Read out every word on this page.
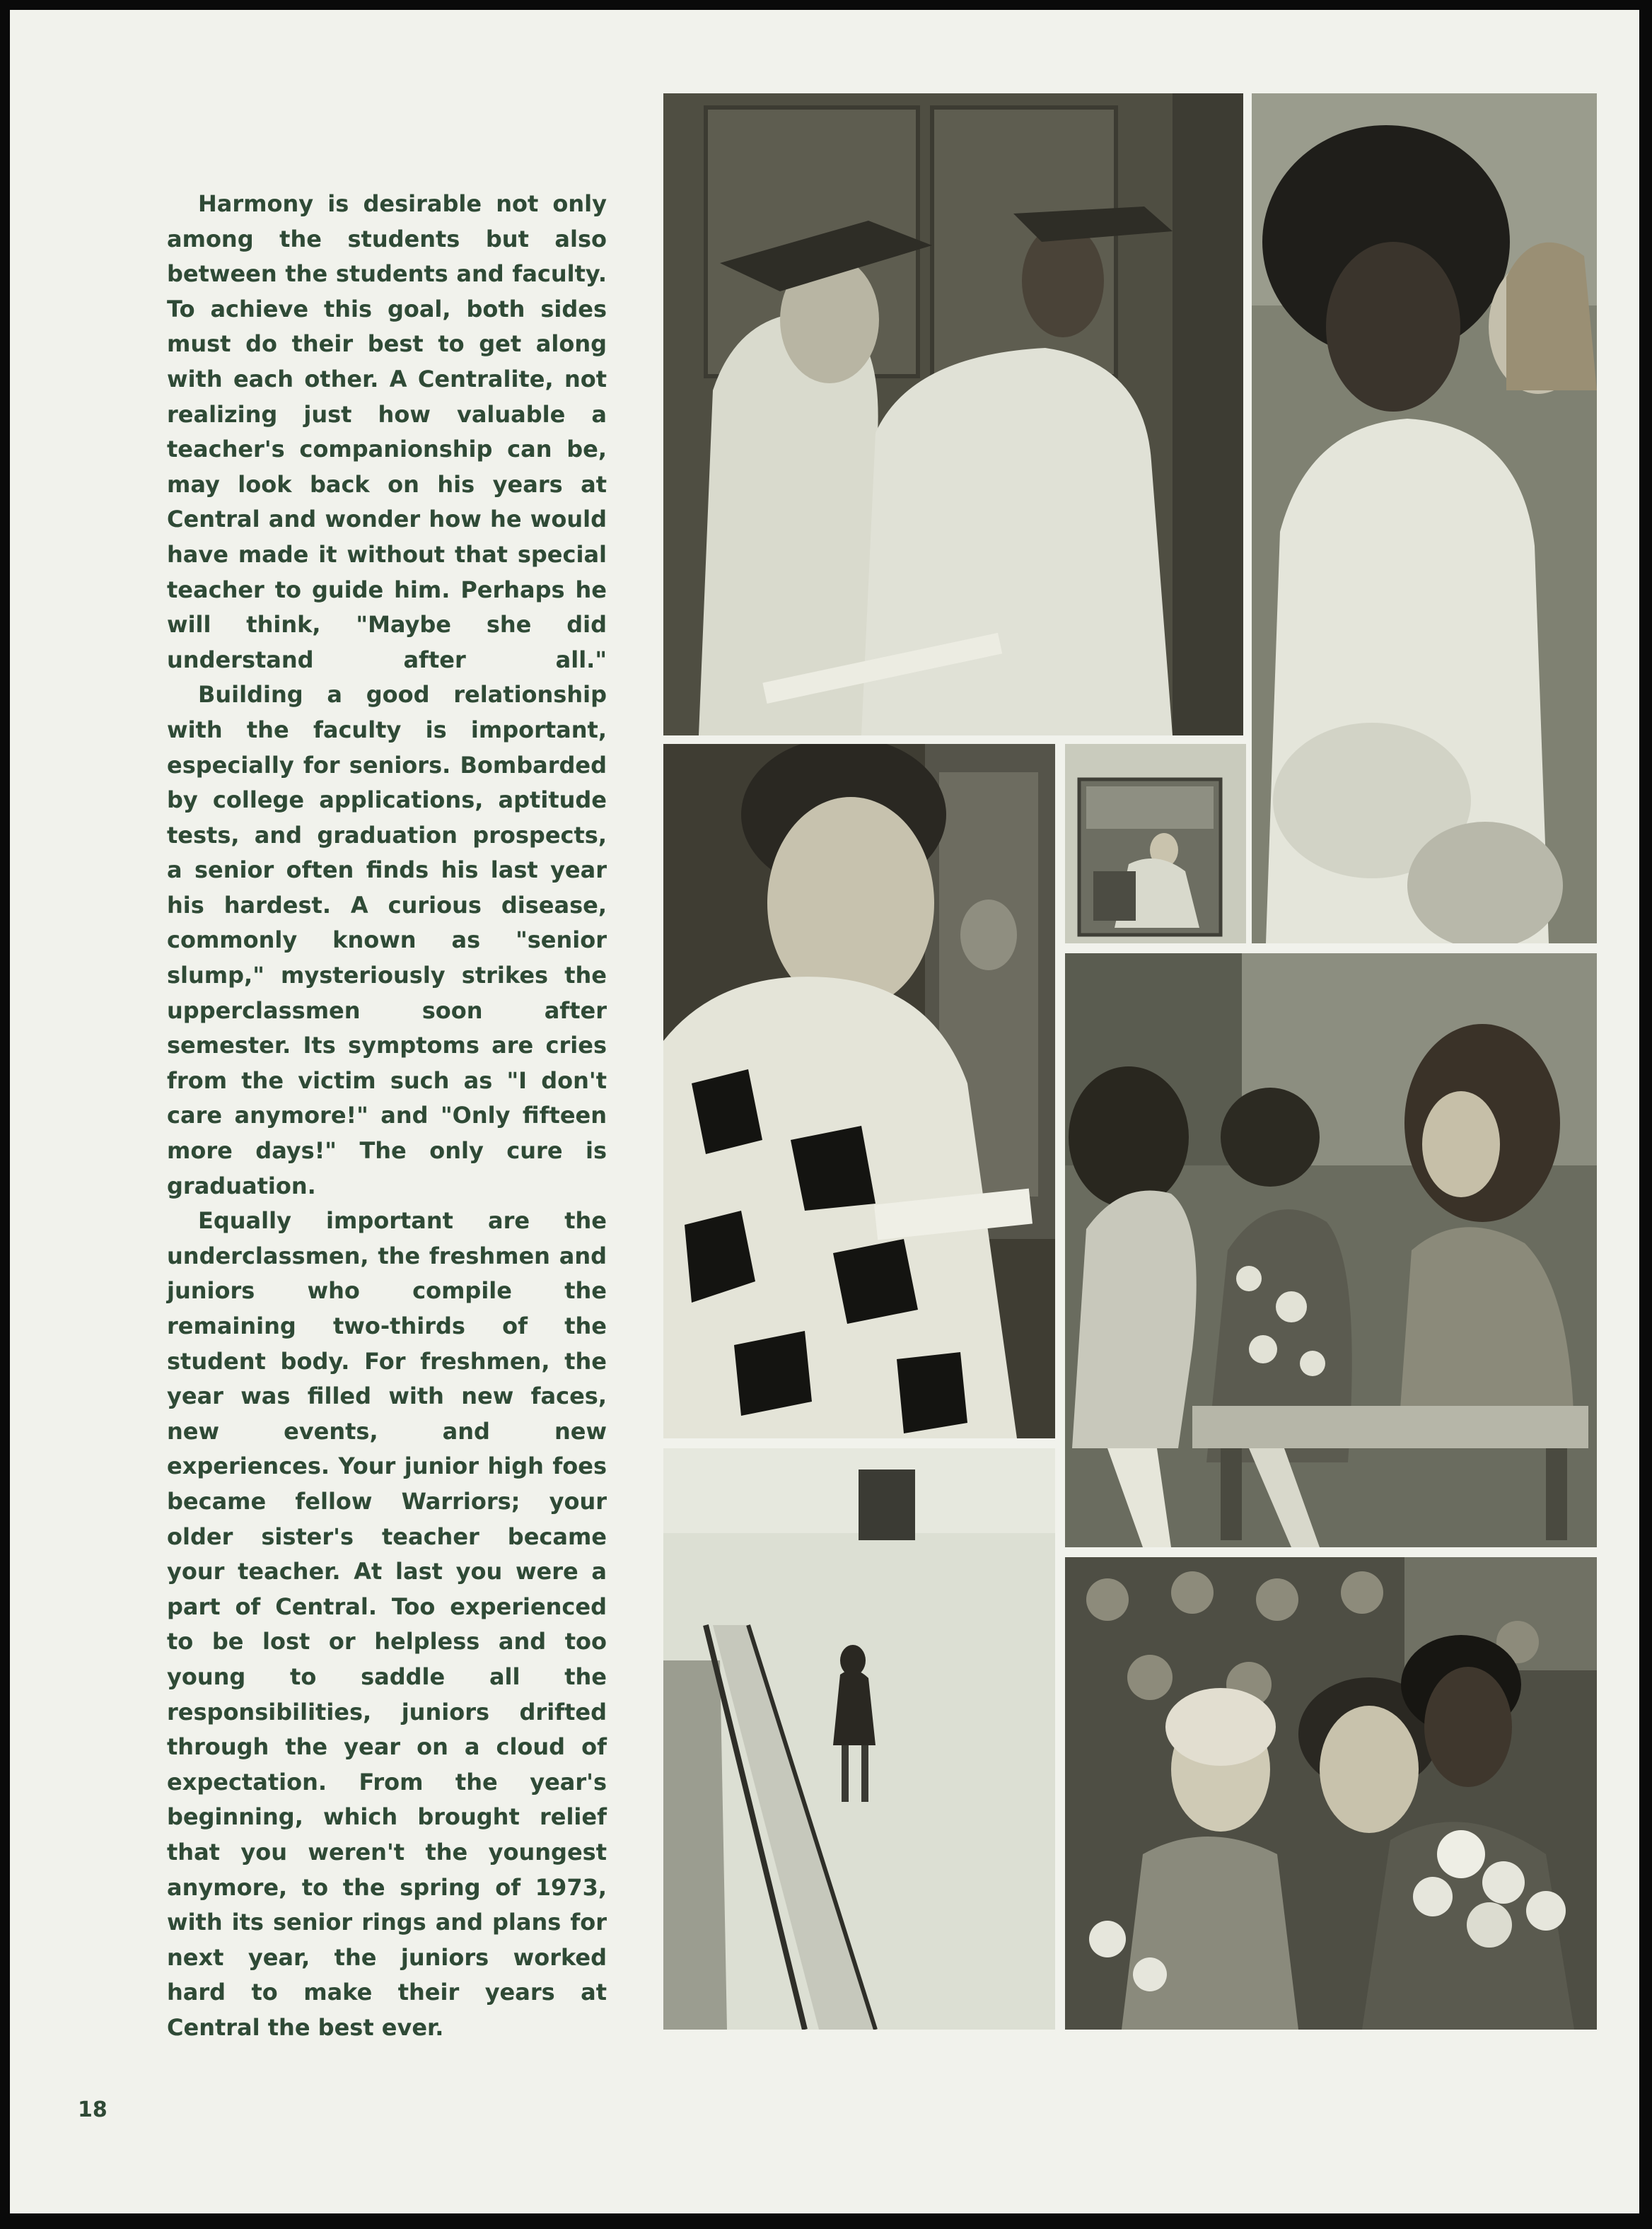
Harmony is desirable not only among the students but also between the students and faculty. To achieve this goal, both sides must do their best to get along with each other. A Centralite, not realizing just how valuable a teacher's companionship can be, may look back on his years at Central and wonder how he would have made it without that special teacher to guide him. Perhaps he will think, "Maybe she did understand after all."

Building a good relationship with the faculty is important, especially for seniors. Bombarded by college applications, aptitude tests, and graduation prospects, a senior often finds his last year his hardest. A curious disease, commonly known as "senior slump," mysteriously strikes the upperclassmen soon after semester. Its symptoms are cries from the victim such as "I don't care anymore!" and "Only fifteen more days!" The only cure is graduation.

Equally important are the underclassmen, the freshmen and juniors who compile the remaining two-thirds of the student body. For freshmen, the year was filled with new faces, new events, and new experiences. Your junior high foes became fellow Warriors; your older sister's teacher became your teacher. At last you were a part of Central. Too experienced to be lost or helpless and too young to saddle all the responsibilities, juniors drifted through the year on a cloud of expectation. From the year's beginning, which brought relief that you weren't the youngest anymore, to the spring of 1973, with its senior rings and plans for next year, the juniors worked hard to make their years at Central the best ever.

18
